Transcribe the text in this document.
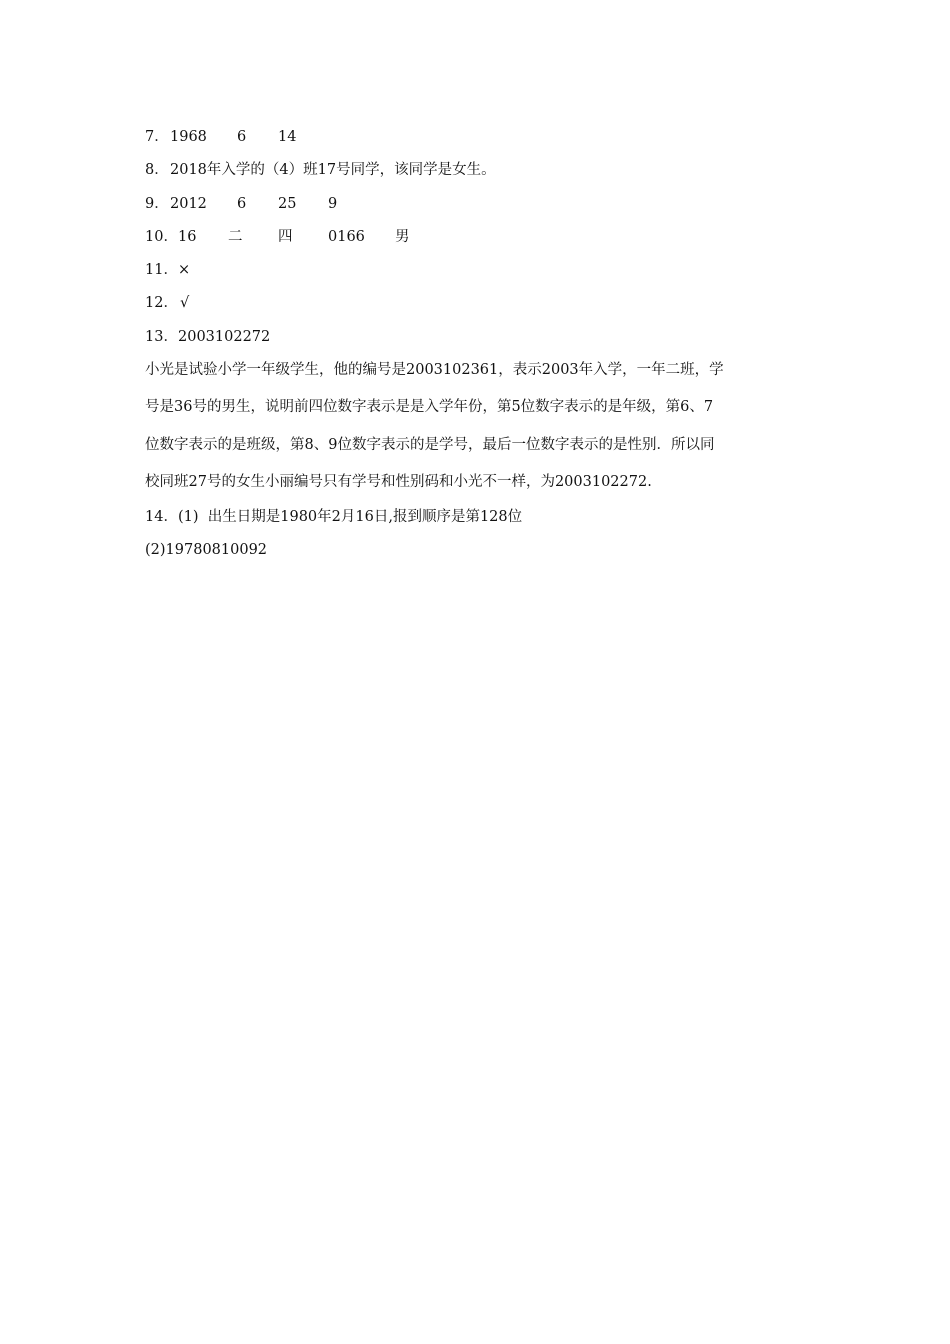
7．

1968

6

14

8．

2018年入学的（4）班17号同学，该同学是女生。

9．

2012

6

25

9

10．

16

二

四

0166

男

11．

×

12．

√

13．

2003102272

小光是试验小学一年级学生，他的编号是2003102361，表示2003年入学，一年二班，学
号是36号的男生，说明前四位数字表示是是入学年份，第5位数字表示的是年级，第6、7
位数字表示的是班级，第8、9位数字表示的是学号，最后一位数字表示的是性别．所以同
校同班27号的女生小丽编号只有学号和性别码和小光不一样，为2003102272.

14．

(1)  出生日期是1980年2月16日,报到顺序是第128位

(2)19780810092
